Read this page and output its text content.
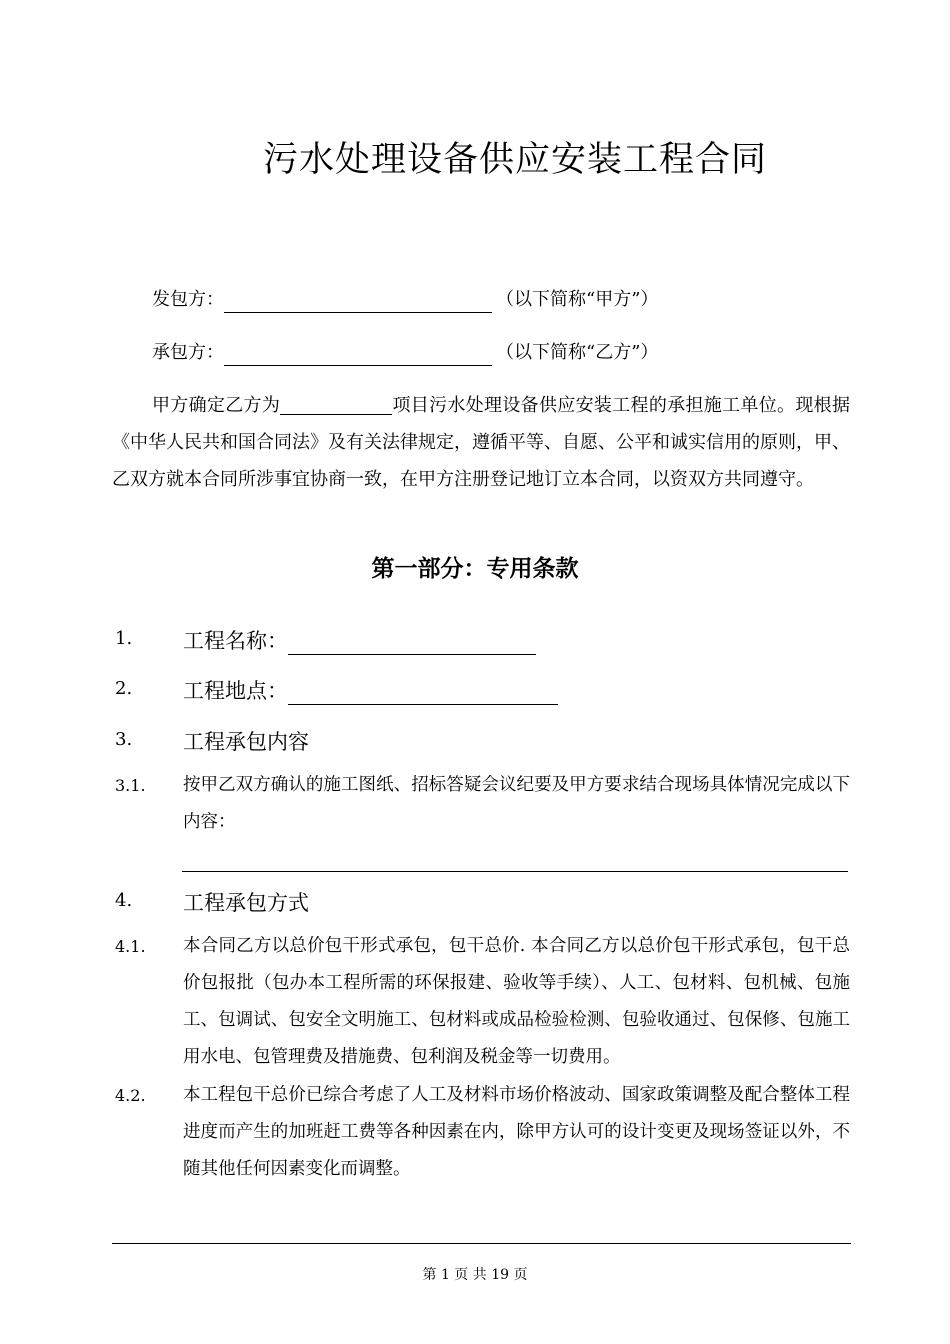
污水处理设备供应安装工程合同
发包方：	（以下简称“甲方”）
承包方：	（以下简称“乙方”）
甲方确定乙方为	项目污水处理设备供应安装工程的承担施工单位。现根据《中华人民共和国合同法》及有关法律规定，遵循平等、自愿、公平和诚实信用的原则，甲、乙双方就本合同所涉事宜协商一致，在甲方注册登记地订立本合同，以资双方共同遵守。
第一部分：专用条款
1. 工程名称：
2. 工程地点：
3. 工程承包内容
3.1. 按甲乙双方确认的施工图纸、招标答疑会议纪要及甲方要求结合现场具体情况完成以下内容：
4. 工程承包方式
4.1. 本合同乙方以总价包干形式承包，包干总价. 本合同乙方以总价包干形式承包，包干总价包报批（包办本工程所需的环保报建、验收等手续）、人工、包材料、包机械、包施工、包调试、包安全文明施工、包材料或成品检验检测、包验收通过、包保修、包施工用水电、包管理费及措施费、包利润及税金等一切费用。
4.2. 本工程包干总价已综合考虑了人工及材料市场价格波动、国家政策调整及配合整体工程进度而产生的加班赶工费等各种因素在内，除甲方认可的设计变更及现场签证以外，不随其他任何因素变化而调整。
第 1 页 共 19 页
